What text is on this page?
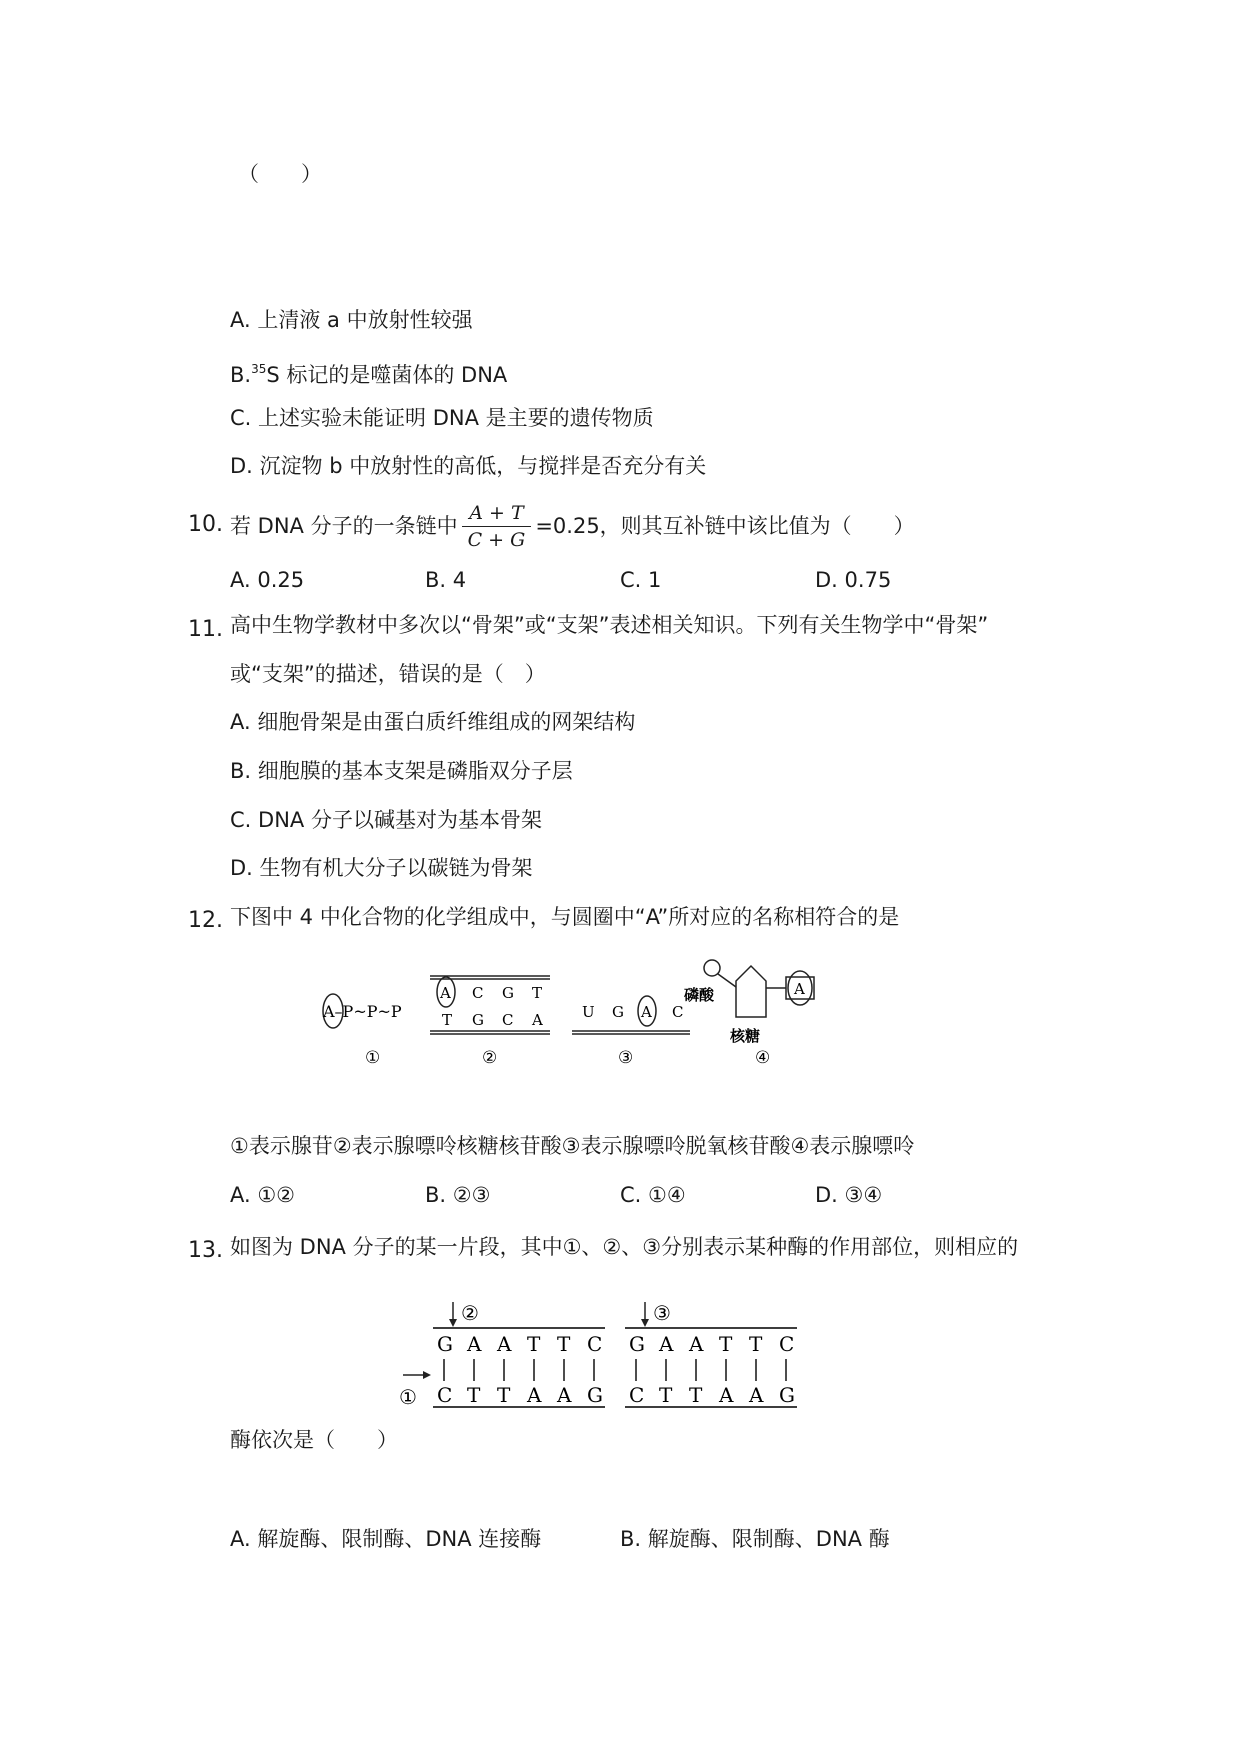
（　　）
A. 上清液 a 中放射性较强
B.$^{35}$S 标记的是噬菌体的 DNA
C. 上述实验未能证明 DNA 是主要的遗传物质
D. 沉淀物 b 中放射性的高低，与搅拌是否充分有关
10. 若 DNA 分子的一条链中 $\frac{A + T}{C + G} =0.25$，则其互补链中该比值为（　　）
A. 0.25	B. 4	C. 1	D. 0.75
11. 高中生物学教材中多次以“骨架”或“支架”表述相关知识。下列有关生物学中“骨架”
或“支架”的描述，错误的是（　）
A. 细胞骨架是由蛋白质纤维组成的网架结构
B. 细胞膜的基本支架是磷脂双分子层
C. DNA 分子以碱基对为基本骨架
D. 生物有机大分子以碳链为骨架
12. 下图中 4 中化合物的化学组成中，与圆圈中“A”所对应的名称相符合的是
A–P~P~P
①
A C G T
T G C A
②
U G A C
③
A
磷酸
核糖
④
①表示腺苷②表示腺嘌呤核糖核苷酸③表示腺嘌呤脱氧核苷酸④表示腺嘌呤
A. ①②	B. ②③	C. ①④	D. ③④
13. 如图为 DNA 分子的某一片段，其中①、②、③分别表示某种酶的作用部位，则相应的
②	③
①
G A A T T C
C T T A A G
G A A T T C
C T T A A G
酶依次是（　　）
A. 解旋酶、限制酶、DNA 连接酶	B. 解旋酶、限制酶、DNA 酶
